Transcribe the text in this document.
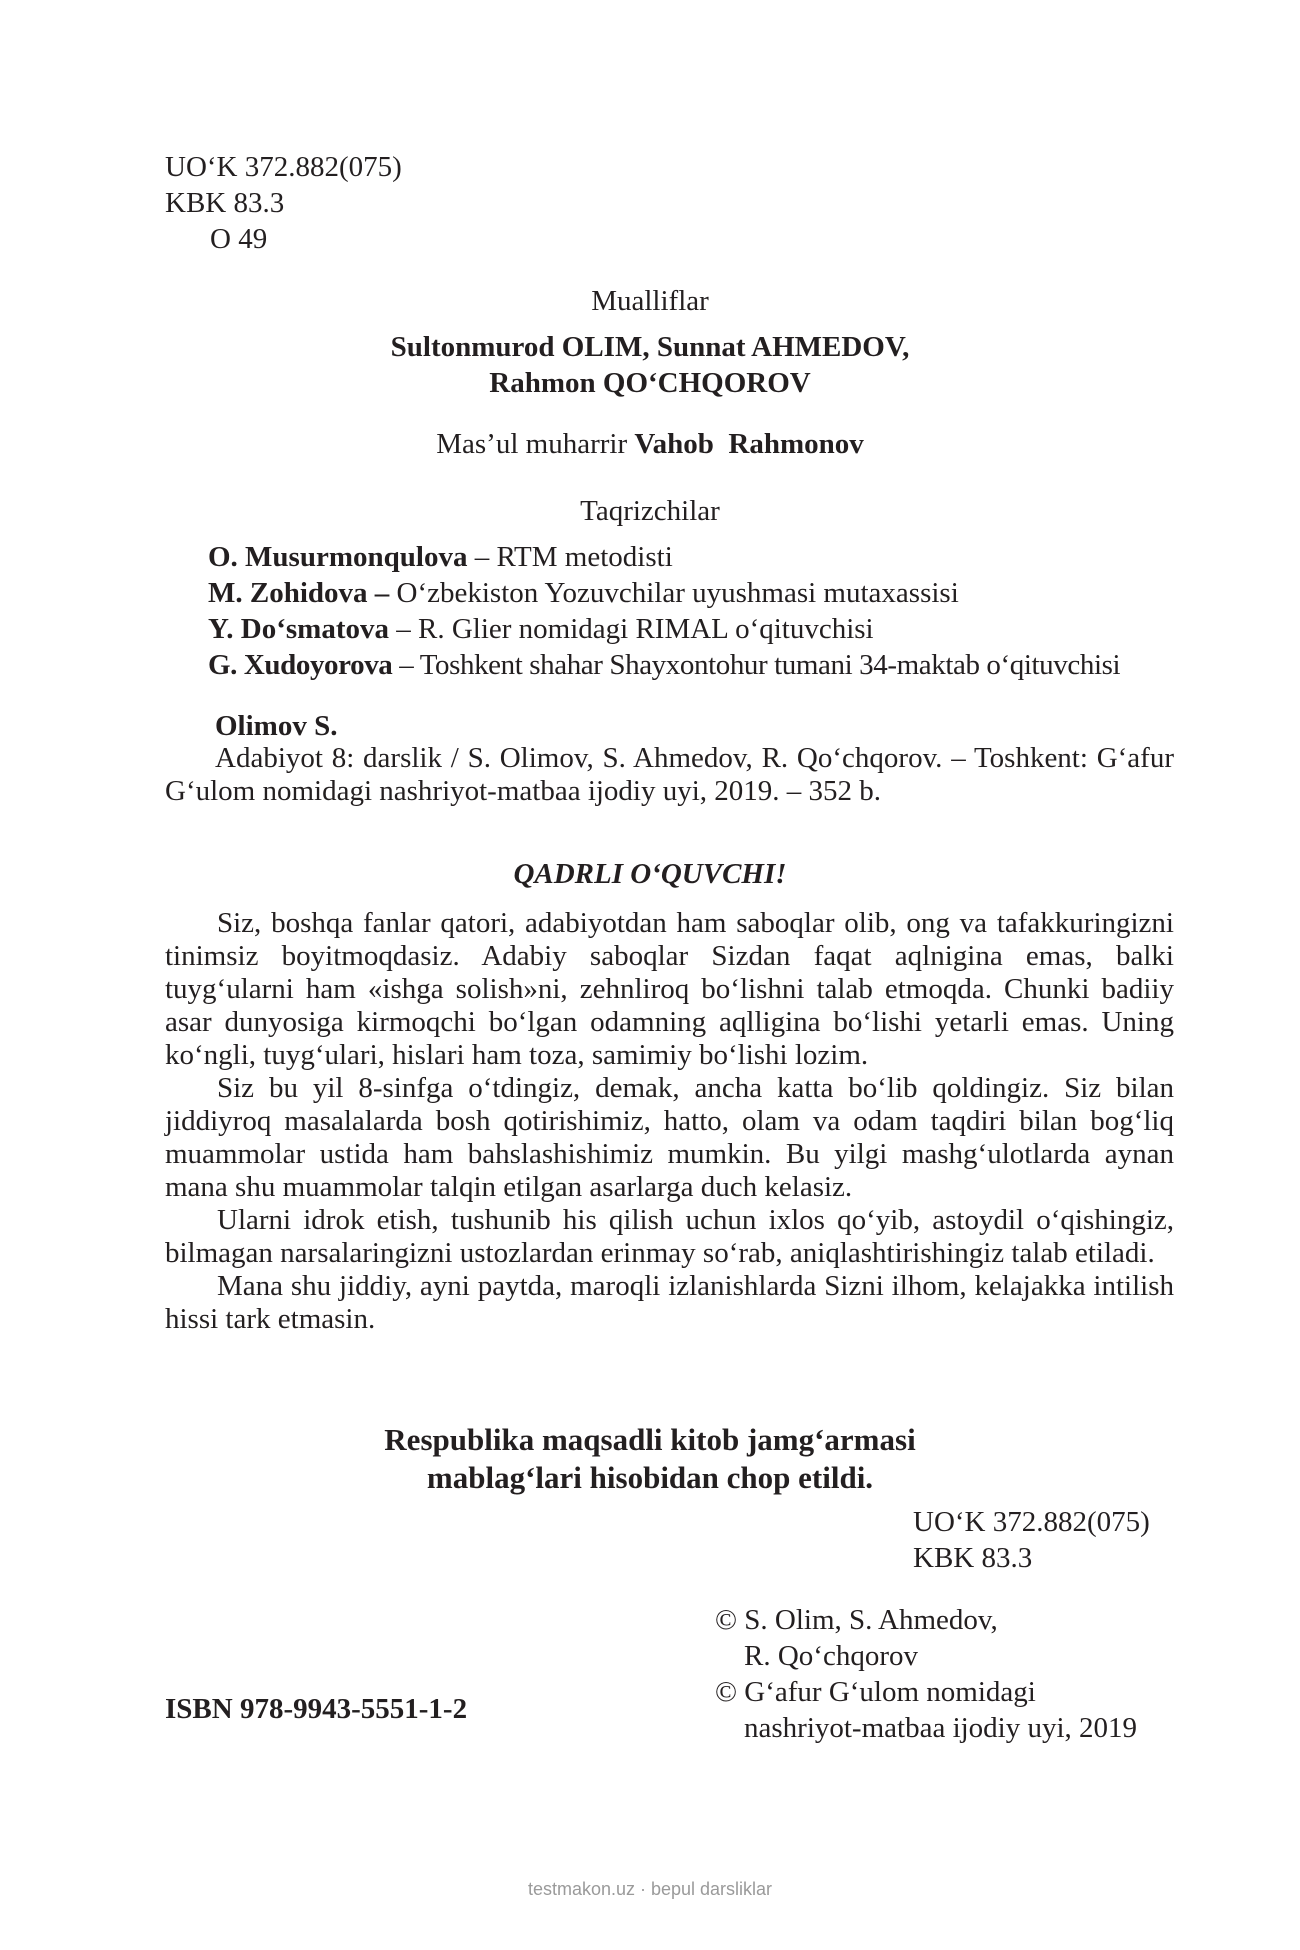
UO‘K 372.882(075)
KBK 83.3
O 49
Mualliflar
Sultonmurod OLIM, Sunnat AHMEDOV,
Rahmon QO‘CHQOROV
Mas’ul muharrir Vahob  Rahmonov
Taqrizchilar
O. Musurmonqulova – RTM metodisti
M. Zohidova – O‘zbekiston Yozuvchilar uyushmasi mutaxassisi
Y. Do‘smatova – R. Glier nomidagi RIMAL o‘qituvchisi
G. Xudoyorova – Toshkent shahar Shayxontohur tumani 34-maktab o‘qituvchisi
Olimov S.

Adabiyot 8: darslik / S. Olimov, S. Ahmedov, R. Qo‘chqorov. – Toshkent: G‘afur G‘ulom nomidagi nashriyot-matbaa ijodiy uyi, 2019. – 352 b.

QADRLI O‘QUVCHI!

Siz, boshqa fanlar qatori, adabiyotdan ham saboqlar olib, ong va tafakkuringizni tinimsiz boyitmoqdasiz. Adabiy saboqlar Sizdan faqat aqlnigina emas, balki tuyg‘ularni ham «ishga solish»ni, zehnliroq bo‘lishni talab etmoqda. Chunki badiiy asar dunyosiga kirmoqchi bo‘lgan odamning aqlligina bo‘lishi yetarli emas. Uning ko‘ngli, tuyg‘ulari, hislari ham toza, samimiy bo‘lishi lozim.

Siz bu yil 8-sinfga o‘tdingiz, demak, ancha katta bo‘lib qoldingiz. Siz bilan jiddiyroq masalalarda bosh qotirishimiz, hatto, olam va odam taqdiri bilan bog‘liq muammolar ustida ham bahslashishimiz mumkin. Bu yilgi mashg‘ulotlarda aynan mana shu muammolar talqin etilgan asarlarga duch kelasiz.

Ularni idrok etish, tushunib his qilish uchun ixlos qo‘yib, astoydil o‘qishingiz, bilmagan narsalaringizni ustozlardan erinmay so‘rab, aniqlashtirishingiz talab etiladi.

Mana shu jiddiy, ayni paytda, maroqli izlanishlarda Sizni ilhom, kelajakka intilish hissi tark etmasin.

Respublika maqsadli kitob jamg‘armasi
mablag‘lari hisobidan chop etildi.
UO‘K 372.882(075)
KBK 83.3
© S. Olim, S. Ahmedov,
R. Qo‘chqorov
© G‘afur G‘ulom nomidagi
nashriyot-matbaa ijodiy uyi, 2019
ISBN 978-9943-5551-1-2
testmakon.uz · bepul darsliklar
